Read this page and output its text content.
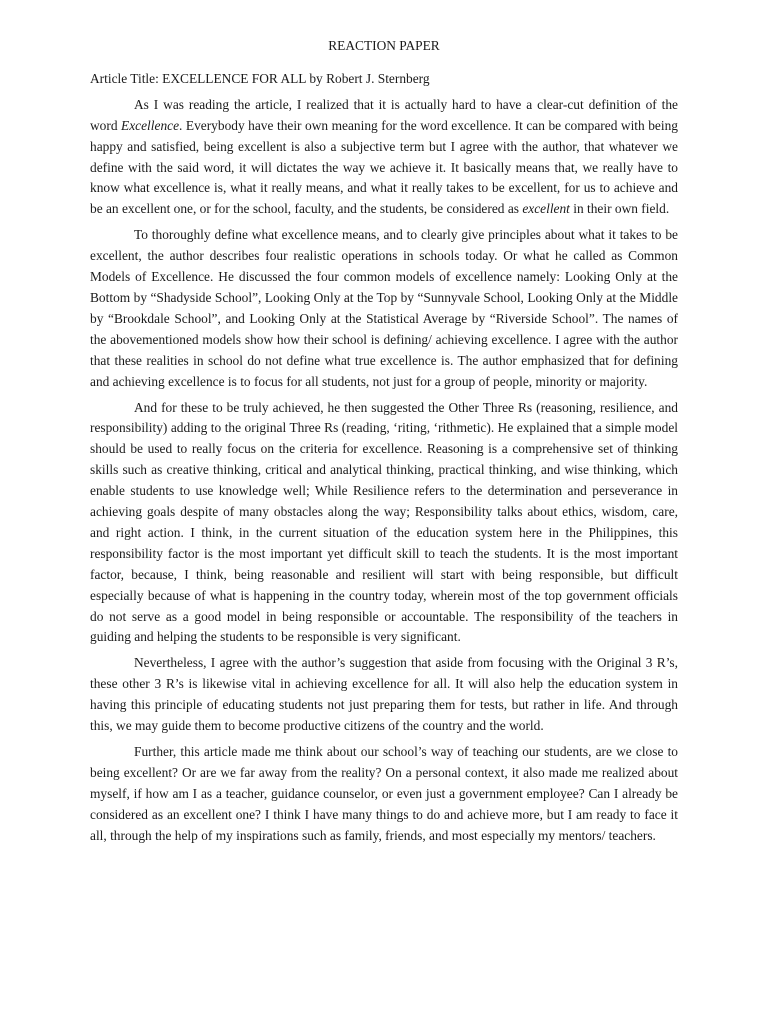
REACTION PAPER
Article Title: EXCELLENCE FOR ALL by Robert J. Sternberg

As I was reading the article, I realized that it is actually hard to have a clear-cut definition of the word Excellence. Everybody have their own meaning for the word excellence. It can be compared with being happy and satisfied, being excellent is also a subjective term but I agree with the author, that whatever we define with the said word, it will dictates the way we achieve it. It basically means that, we really have to know what excellence is, what it really means, and what it really takes to be excellent, for us to achieve and be an excellent one, or for the school, faculty, and the students, be considered as excellent in their own field.

To thoroughly define what excellence means, and to clearly give principles about what it takes to be excellent, the author describes four realistic operations in schools today. Or what he called as Common Models of Excellence. He discussed the four common models of excellence namely: Looking Only at the Bottom by “Shadyside School”, Looking Only at the Top by “Sunnyvale School, Looking Only at the Middle by “Brookdale School”, and Looking Only at the Statistical Average by “Riverside School”. The names of the abovementioned models show how their school is defining/ achieving excellence. I agree with the author that these realities in school do not define what true excellence is. The author emphasized that for defining and achieving excellence is to focus for all students, not just for a group of people, minority or majority.

And for these to be truly achieved, he then suggested the Other Three Rs (reasoning, resilience, and responsibility) adding to the original Three Rs (reading, ‘riting, ‘rithmetic). He explained that a simple model should be used to really focus on the criteria for excellence. Reasoning is a comprehensive set of thinking skills such as creative thinking, critical and analytical thinking, practical thinking, and wise thinking, which enable students to use knowledge well; While Resilience refers to the determination and perseverance in achieving goals despite of many obstacles along the way; Responsibility talks about ethics, wisdom, care, and right action. I think, in the current situation of the education system here in the Philippines, this responsibility factor is the most important yet difficult skill to teach the students. It is the most important factor, because, I think, being reasonable and resilient will start with being responsible, but difficult especially because of what is happening in the country today, wherein most of the top government officials do not serve as a good model in being responsible or accountable. The responsibility of the teachers in guiding and helping the students to be responsible is very significant.

Nevertheless, I agree with the author’s suggestion that aside from focusing with the Original 3 R’s, these other 3 R’s is likewise vital in achieving excellence for all. It will also help the education system in having this principle of educating students not just preparing them for tests, but rather in life. And through this, we may guide them to become productive citizens of the country and the world.

Further, this article made me think about our school’s way of teaching our students, are we close to being excellent? Or are we far away from the reality? On a personal context, it also made me realized about myself, if how am I as a teacher, guidance counselor, or even just a government employee? Can I already be considered as an excellent one? I think I have many things to do and achieve more, but I am ready to face it all, through the help of my inspirations such as family, friends, and most especially my mentors/ teachers.
